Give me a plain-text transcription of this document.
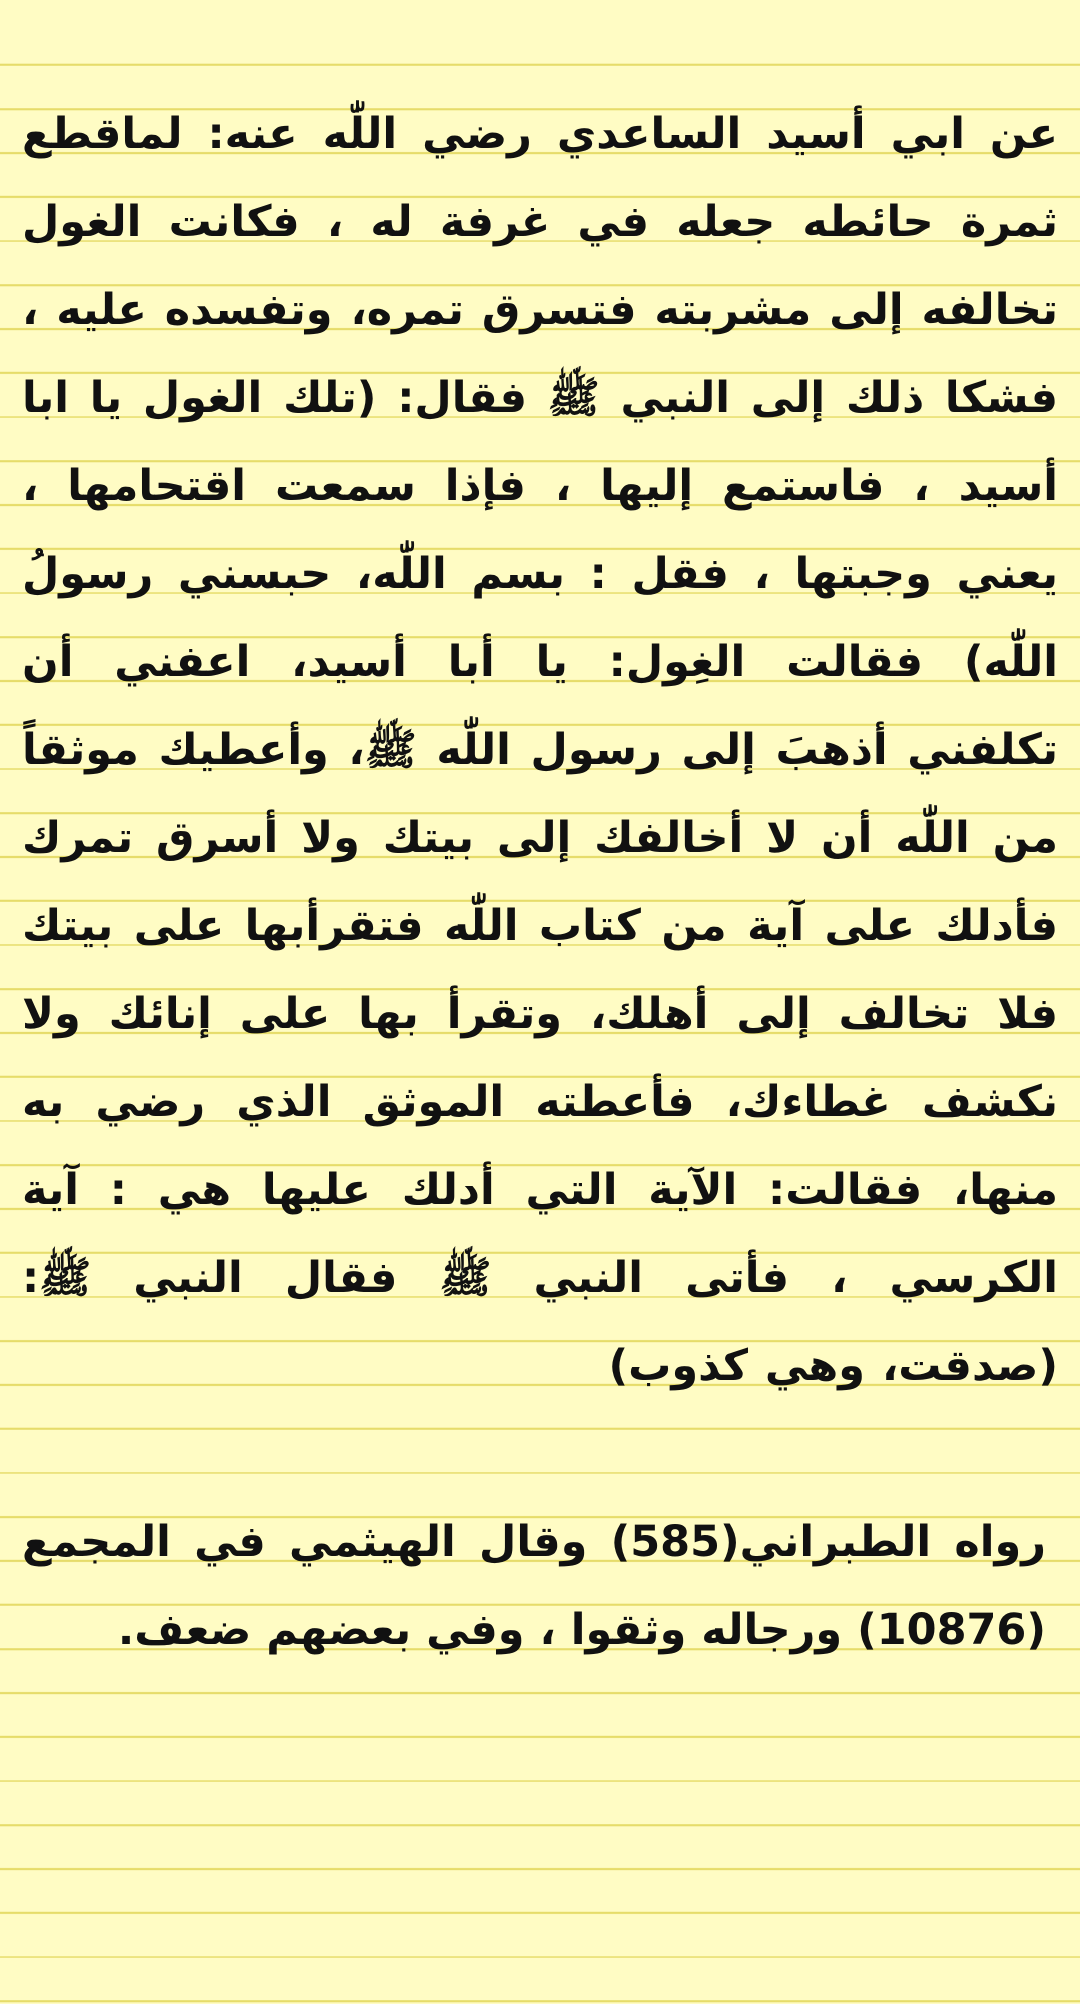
عن ابي أسيد الساعدي رضي اللّٰه عنه: لماقطع ثمرة حائطه جعله في غرفة له ، فكانت الغول تخالفه إلى مشربته فتسرق تمره، وتفسده عليه ، فشكا ذلك إلى النبي ﷺ فقال: (تلك الغول يا ابا أسيد ، فاستمع إليها ، فإذا سمعت اقتحامها ، يعني وجبتها ، فقل : بسم اللّٰه، حبسني رسولُ اللّٰه) فقالت الغِول: يا أبا أسيد، اعفني أن تكلفني أذهبَ إلى رسول اللّٰه ﷺ، وأعطيك موثقاً من اللّٰه أن لا أخالفك إلى بيتك ولا أسرق تمرك فأدلك على آية من كتاب اللّٰه فتقرأبها على بيتك فلا تخالف إلى أهلك، وتقرأ بها على إنائك ولا نكشف غطاءك، فأعطته الموثق الذي رضي به منها، فقالت: الآية التي أدلك عليها هي : آية الكرسي ، فأتى النبي ﷺ فقال النبي ﷺ: (صدقت، وهي كذوب)

رواه الطبراني(585) وقال الهيثمي في المجمع (10876) ورجاله وثقوا ، وفي بعضهم ضعف.
